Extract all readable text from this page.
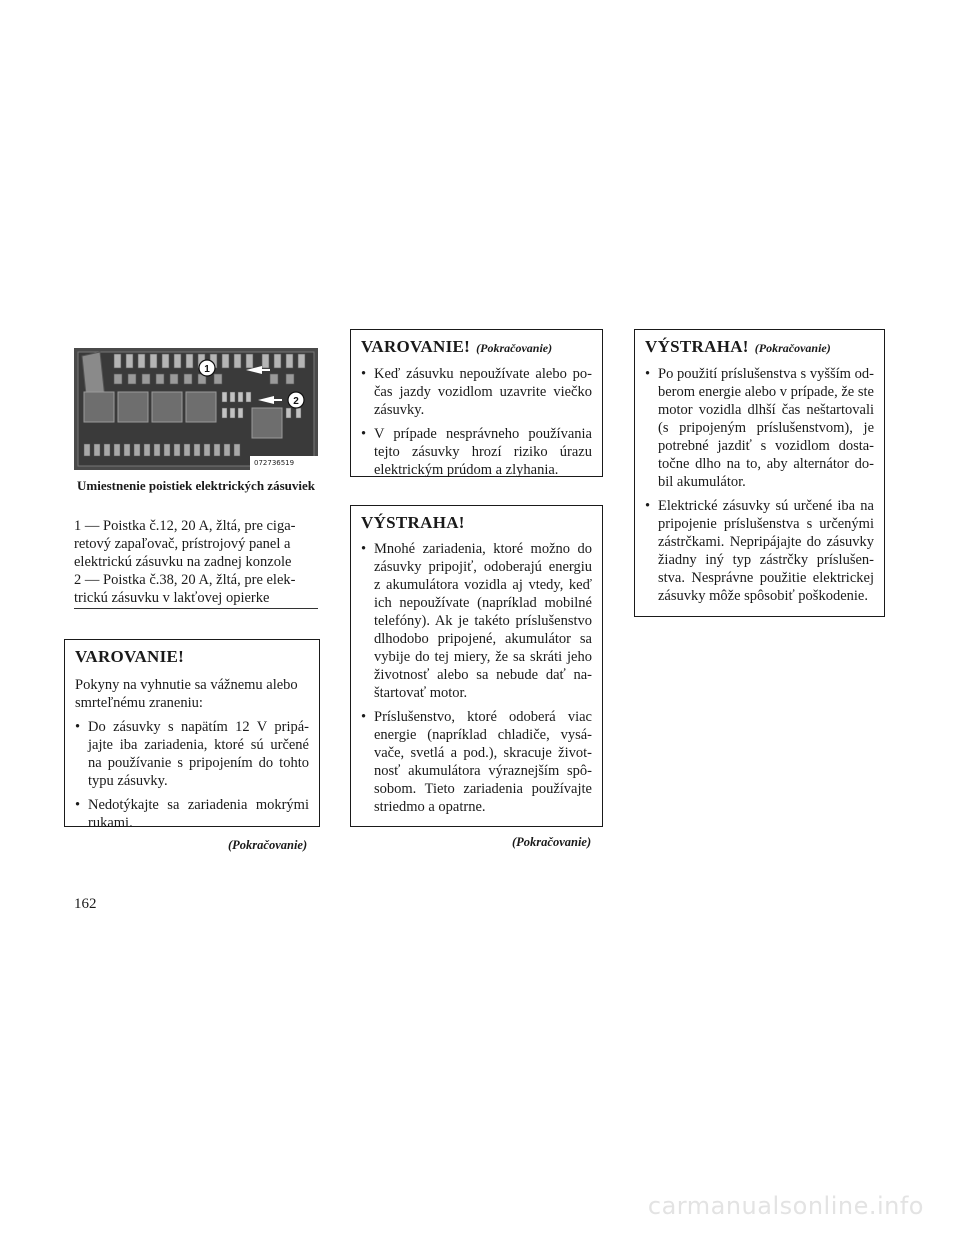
1
2
072736519
Umiestnenie poistiek elektrických zásuviek

1 — Poistka č.12, 20 A, žltá, pre ciga-retový zapaľovač, prístrojový panel a elektrickú zásuvku na zadnej konzole

2 — Poistka č.38, 20 A, žltá, pre elek-trickú zásuvku v lakťovej opierke

VAROVANIE!

Pokyny na vyhnutie sa vážnemu alebo smrteľnému zraneniu:

• Do zásuvky s napätím 12 V pripá-jajte iba zariadenia, ktoré sú určené na používanie s pripojením do tohto typu zásuvky.
• Nedotýkajte sa zariadenia mokrými rukami.
(Pokračovanie)
VAROVANIE! (Pokračovanie)
• Keď zásuvku nepoužívate alebo po-čas jazdy vozidlom uzavrite viečko zásuvky.
• V prípade nesprávneho používania tejto zásuvky hrozí riziko úrazu elektrickým prúdom a zlyhania.
VÝSTRAHA!
• Mnohé zariadenia, ktoré možno do zásuvky pripojiť, odoberajú energiu z akumulátora vozidla aj vtedy, keď ich nepoužívate (napríklad mobilné telefóny). Ak je takéto príslušenstvo dlhodobo pripojené, akumulátor sa vybije do tej miery, že sa skráti jeho životnosť alebo sa nebude dať na-štartovať motor.
• Príslušenstvo, ktoré odoberá viac energie (napríklad chladiče, vysá-vače, svetlá a pod.), skracuje život-nosť akumulátora výraznejším spô-sobom. Tieto zariadenia používajte striedmo a opatrne.
(Pokračovanie)
VÝSTRAHA! (Pokračovanie)
• Po použití príslušenstva s vyšším od-berom energie alebo v prípade, že ste motor vozidla dlhší čas neštartovali (s pripojeným príslušenstvom), je potrebné jazdiť s vozidlom dosta-točne dlho na to, aby alternátor do-bil akumulátor.
• Elektrické zásuvky sú určené iba na pripojenie príslušenstva s určenými zástrčkami. Nepripájajte do zásuvky žiadny iný typ zástrčky príslušen-stva. Nesprávne použitie elektrickej zásuvky môže spôsobiť poškodenie.
162
carmanualsonline.info
